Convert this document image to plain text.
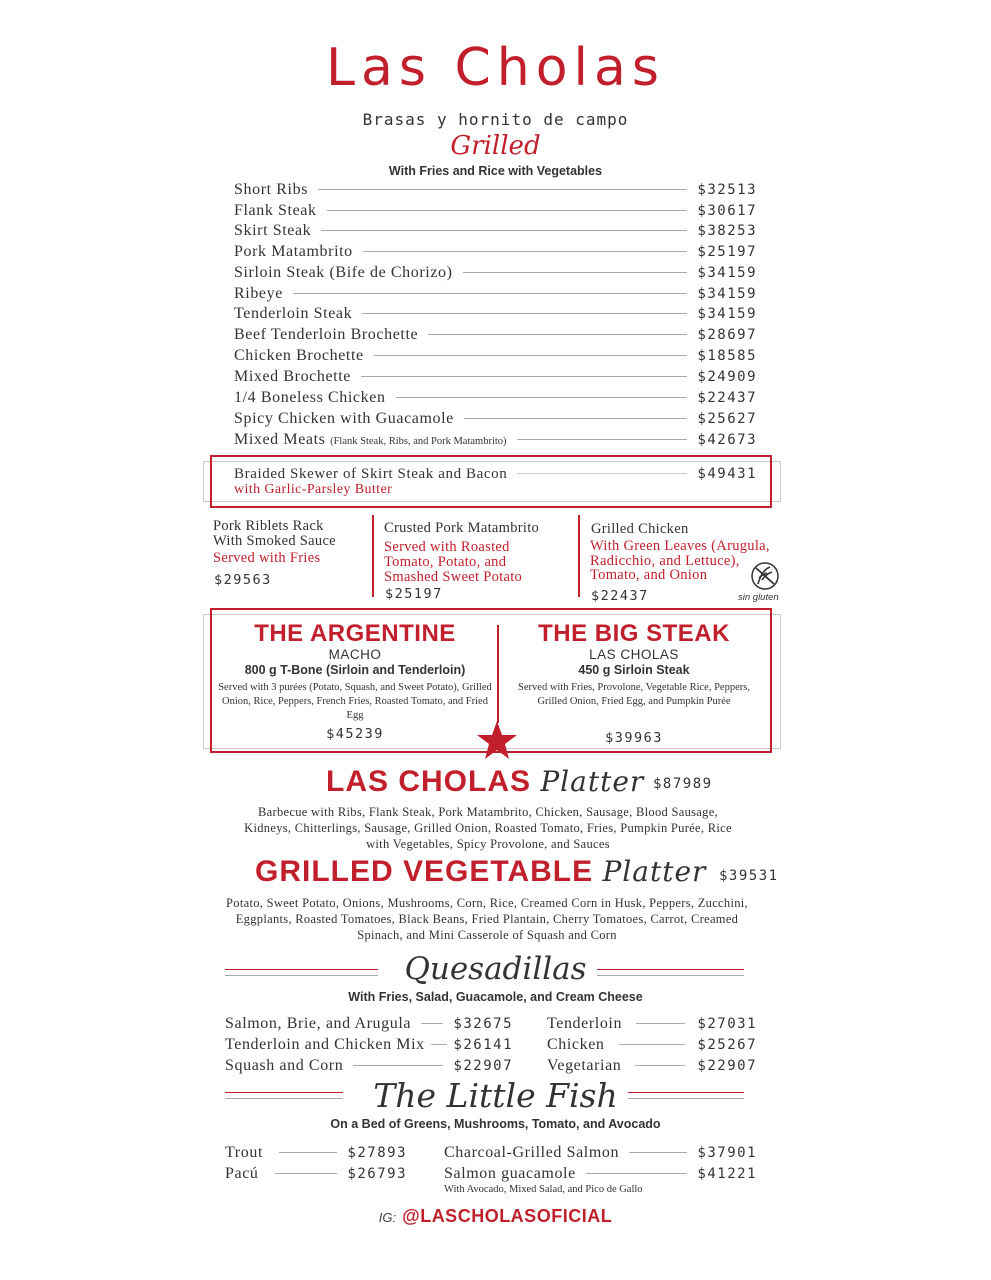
Las Cholas
Brasas y hornito de campo
Grilled
With Fries and Rice with Vegetables
Short Ribs	$32513
Flank Steak	$30617
Skirt Steak	$38253
Pork Matambrito	$25197
Sirloin Steak (Bife de Chorizo)	$34159
Ribeye	$34159
Tenderloin Steak	$34159
Beef Tenderloin Brochette	$28697
Chicken Brochette	$18585
Mixed Brochette	$24909
1/4 Boneless Chicken	$22437
Spicy Chicken with Guacamole	$25627
Mixed Meats (Flank Steak, Ribs, and Pork Matambrito)	$42673
Braided Skewer of Skirt Steak and Bacon	$49431
with Garlic-Parsley Butter
Pork Riblets Rack
With Smoked Sauce
Served with Fries
$29563
Crusted Pork Matambrito
Served with Roasted
Tomato, Potato, and
Smashed Sweet Potato
$25197
Grilled Chicken
With Green Leaves (Arugula,
Radicchio, and Lettuce),
Tomato, and Onion
$22437	sin gluten
THE ARGENTINE
MACHO
800 g T-Bone (Sirloin and Tenderloin)
Served with 3 purées (Potato, Squash, and Sweet Potato), Grilled Onion, Rice, Peppers, French Fries, Roasted Tomato, and Fried Egg
$45239
THE BIG STEAK
LAS CHOLAS
450 g Sirloin Steak
Served with Fries, Provolone, Vegetable Rice, Peppers, Grilled Onion, Fried Egg, and Pumpkin Purée
$39963
LAS CHOLAS Platter $87989
Barbecue with Ribs, Flank Steak, Pork Matambrito, Chicken, Sausage, Blood Sausage, Kidneys, Chitterlings, Sausage, Grilled Onion, Roasted Tomato, Fries, Pumpkin Purée, Rice with Vegetables, Spicy Provolone, and Sauces
GRILLED VEGETABLE Platter $39531
Potato, Sweet Potato, Onions, Mushrooms, Corn, Rice, Creamed Corn in Husk, Peppers, Zucchini, Eggplants, Roasted Tomatoes, Black Beans, Fried Plantain, Cherry Tomatoes, Carrot, Creamed Spinach, and Mini Casserole of Squash and Corn
Quesadillas
With Fries, Salad, Guacamole, and Cream Cheese
Salmon, Brie, and Arugula	$32675
Tenderloin and Chicken Mix $26141
Squash and Corn	$22907
Tenderloin	$27031
Chicken	$25267
Vegetarian	$22907
The Little Fish
On a Bed of Greens, Mushrooms, Tomato, and Avocado
Trout	$27893
Pacú	$26793
Charcoal-Grilled Salmon	$37901
Salmon guacamole	$41221
With Avocado, Mixed Salad, and Pico de Gallo
IG: @LASCHOLASOFICIAL
